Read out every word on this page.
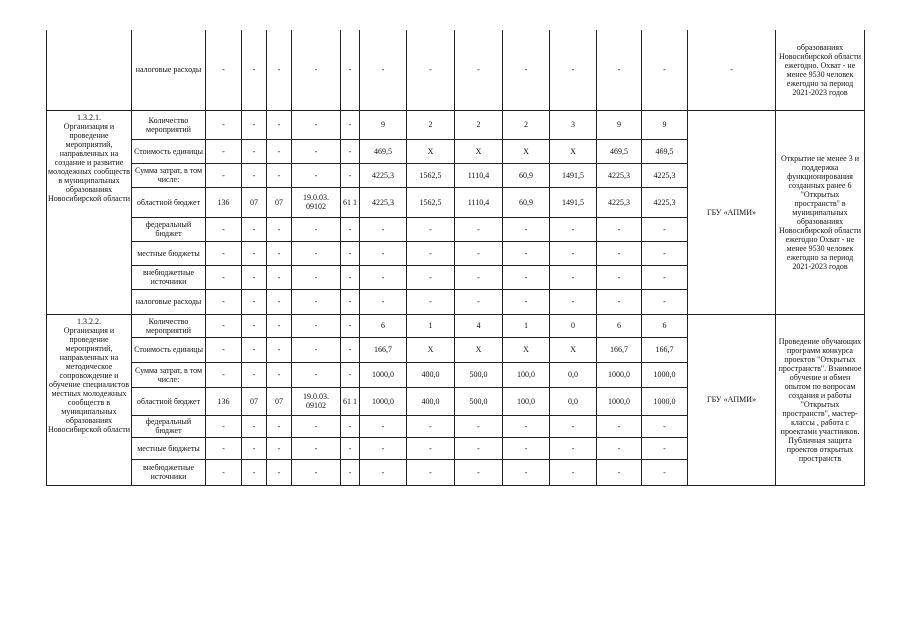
	налоговые расходы	-	-	-	-	-	-	-	-	-	-	-	-	-	образованиях Новосибирской области ежегодно. Охват - не менее 9530 человек ежегодно за период 2021-2023 годов

1.3.2.1.
Организация и проведение мероприятий, направленных на создание и развитие молодежных сообществ в муниципальных образованиях Новосибирской области	Количество мероприятий	-	-	-	-	-	9	2	2	2	3	9	9	ГБУ «АПМИ»	Открытие не менее 3 и поддержка функционирования созданных ранее 6 "Открытых пространств" в муниципальных образованиях Новосибирской области ежегодно Охват - не менее 9530 человек ежегодно за период 2021-2023 годов
	Стоимость единицы	-	-	-	-	-	469,5	X	X	X	X	469,5	469,5		
	Сумма затрат, в том числе:	-	-	-	-	-	4225,3	1562,5	1110,4	60,9	1491,5	4225,3	4225,3		
	областной бюджет	136	07	07	19.0.03. 09102	61 1	4225,3	1562,5	1110,4	60,9	1491,5	4225,3	4225,3		
	федеральный бюджет	-	-	-	-	-	-	-	-	-	-	-	-		
	местные бюджеты	-	-	-	-	-	-	-	-	-	-	-	-		
	внебюджетные источники	-	-	-	-	-	-	-	-	-	-	-	-		
	налоговые расходы	-	-	-	-	-	-	-	-	-	-	-	-		

1.3.2.2.
Организация и проведение мероприятий, направленных на методическое сопровождение и обучение специалистов местных молодежных сообществ в муниципальных образованиях Новосибирской области	Количество мероприятий	-	-	-	-	-	6	1	4	1	0	6	6	ГБУ «АПМИ»	Проведение обучающих программ конкурса проектов "Открытых пространств". Взаимное обучение и обмен опытом по вопросам создания и работы "Открытых пространств", мастер-классы , работа с проектами участников. Публичная защита проектов открытых пространств
	Стоимость единицы	-	-	-	-	-	166,7	X	X	X	X	166,7	166,7		
	Сумма затрат, в том числе:	-	-	-	-	-	1000,0	400,0	500,0	100,0	0,0	1000,0	1000,0		
	областной бюджет	136	07	07	19.0.03. 09102	61 1	1000,0	400,0	500,0	100,0	0,0	1000,0	1000,0		
	федеральный бюджет	-	-	-	-	-	-	-	-	-	-	-	-		
	местные бюджеты	-	-	-	-	-	-	-	-	-	-	-	-		
	внебюджетные источники	-	-	-	-	-	-	-	-	-	-	-	-		
